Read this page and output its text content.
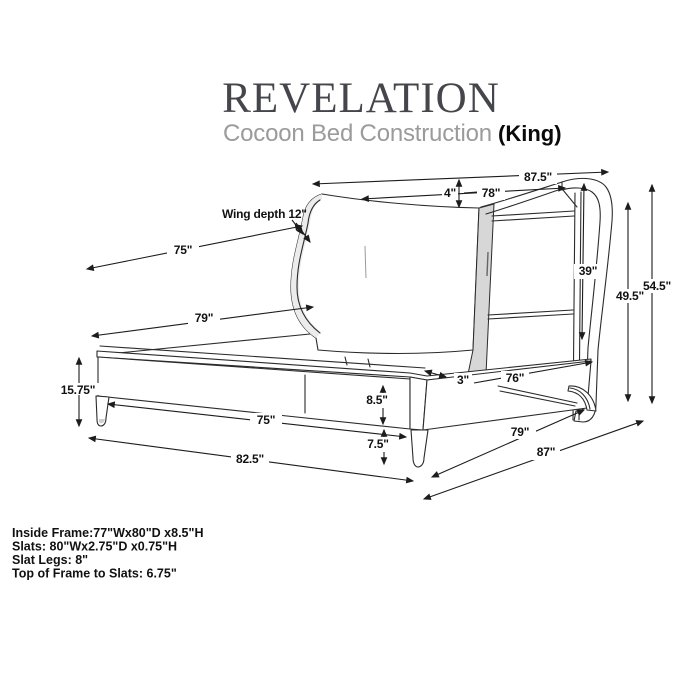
REVELATION
Cocoon Bed Construction (King)
87.5"
4" 78"
Wing depth 12"
75"
79"
39"
49.5"
54.5"
3"	76"
8.5"
7.5"
15.75"
75"
82.5"
79"
87"
Inside Frame:77"Wx80"D x8.5"H
Slats: 80"Wx2.75"D x0.75"H
Slat Legs: 8"
Top of Frame to Slats: 6.75"
